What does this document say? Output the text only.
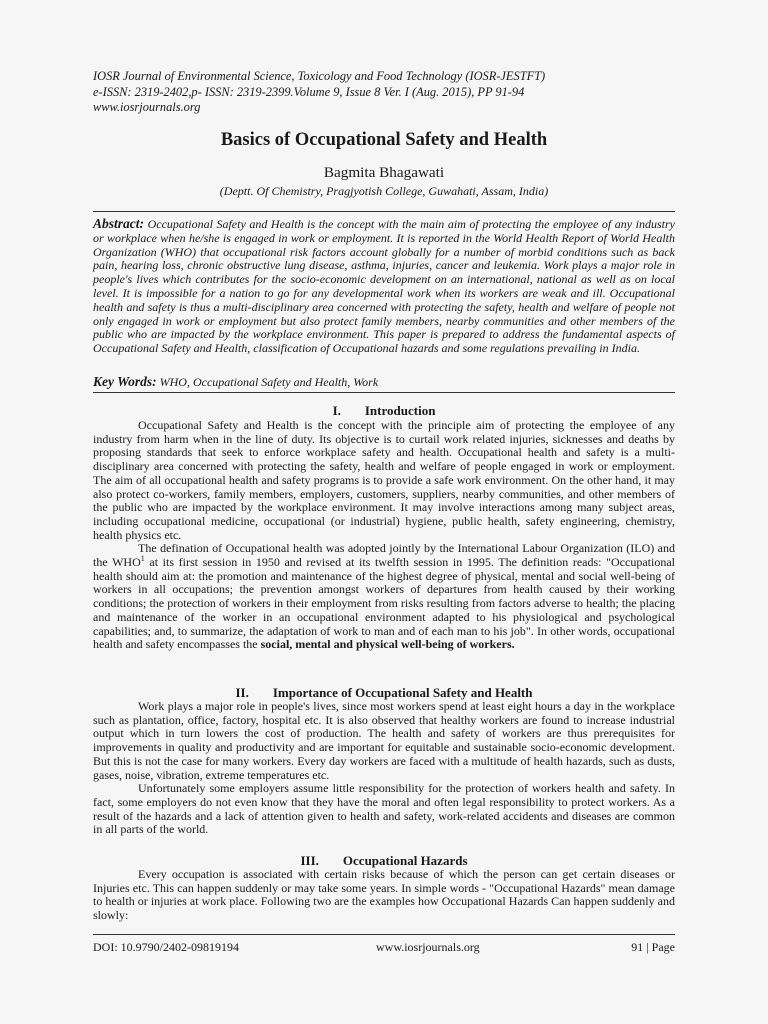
IOSR Journal of Environmental Science, Toxicology and Food Technology (IOSR-JESTFT)
e-ISSN: 2319-2402,p- ISSN: 2319-2399.Volume 9, Issue 8 Ver. I (Aug. 2015), PP 91-94
www.iosrjournals.org
Basics of Occupational Safety and Health
Bagmita Bhagawati
(Deptt. Of Chemistry, Pragjyotish College, Guwahati, Assam, India)
Abstract: Occupational Safety and Health is the concept with the main aim of protecting the employee of any industry or workplace when he/she is engaged in work or employment. It is reported in the World Health Report of World Health Organization (WHO) that occupational risk factors account globally for a number of morbid conditions such as back pain, hearing loss, chronic obstructive lung disease, asthma, injuries, cancer and leukemia. Work plays a major role in people's lives which contributes for the socio-economic development on an international, national as well as on local level. It is impossible for a nation to go for any developmental work when its workers are weak and ill. Occupational health and safety is thus a multi-disciplinary area concerned with protecting the safety, health and welfare of people not only engaged in work or employment but also protect family members, nearby communities and other members of the public who are impacted by the workplace environment. This paper is prepared to address the fundamental aspects of Occupational Safety and Health, classification of Occupational hazards and some regulations prevailing in India.
Key Words: WHO, Occupational Safety and Health, Work
I. Introduction

Occupational Safety and Health is the concept with the principle aim of protecting the employee of any industry from harm when in the line of duty. Its objective is to curtail work related injuries, sicknesses and deaths by proposing standards that seek to enforce workplace safety and health. Occupational health and safety is a multi-disciplinary area concerned with protecting the safety, health and welfare of people engaged in work or employment. The aim of all occupational health and safety programs is to provide a safe work environment. On the other hand, it may also protect co-workers, family members, employers, customers, suppliers, nearby communities, and other members of the public who are impacted by the workplace environment. It may involve interactions among many subject areas, including occupational medicine, occupational (or industrial) hygiene, public health, safety engineering, chemistry, health physics etc.

The defination of Occupational health was adopted jointly by the International Labour Organization (ILO) and the WHO$^1$ at its first session in 1950 and revised at its twelfth session in 1995. The definition reads: "Occupational health should aim at: the promotion and maintenance of the highest degree of physical, mental and social well-being of workers in all occupations; the prevention amongst workers of departures from health caused by their working conditions; the protection of workers in their employment from risks resulting from factors adverse to health; the placing and maintenance of the worker in an occupational environment adapted to his physiological and psychological capabilities; and, to summarize, the adaptation of work to man and of each man to his job". In other words, occupational health and safety encompasses the social, mental and physical well-being of workers.

II. Importance of Occupational Safety and Health

Work plays a major role in people's lives, since most workers spend at least eight hours a day in the workplace such as plantation, office, factory, hospital etc. It is also observed that healthy workers are found to increase industrial output which in turn lowers the cost of production. The health and safety of workers are thus prerequisites for improvements in quality and productivity and are important for equitable and sustainable socio-economic development. But this is not the case for many workers. Every day workers are faced with a multitude of health hazards, such as dusts, gases, noise, vibration, extreme temperatures etc.

Unfortunately some employers assume little responsibility for the protection of workers health and safety. In fact, some employers do not even know that they have the moral and often legal responsibility to protect workers. As a result of the hazards and a lack of attention given to health and safety, work-related accidents and diseases are common in all parts of the world.

III. Occupational Hazards

Every occupation is associated with certain risks because of which the person can get certain diseases or Injuries etc. This can happen suddenly or may take some years. In simple words - "Occupational Hazards" mean damage to health or injuries at work place. Following two are the examples how Occupational Hazards Can happen suddenly and slowly:

DOI: 10.9790/2402-09819194	www.iosrjournals.org	91 | Page
